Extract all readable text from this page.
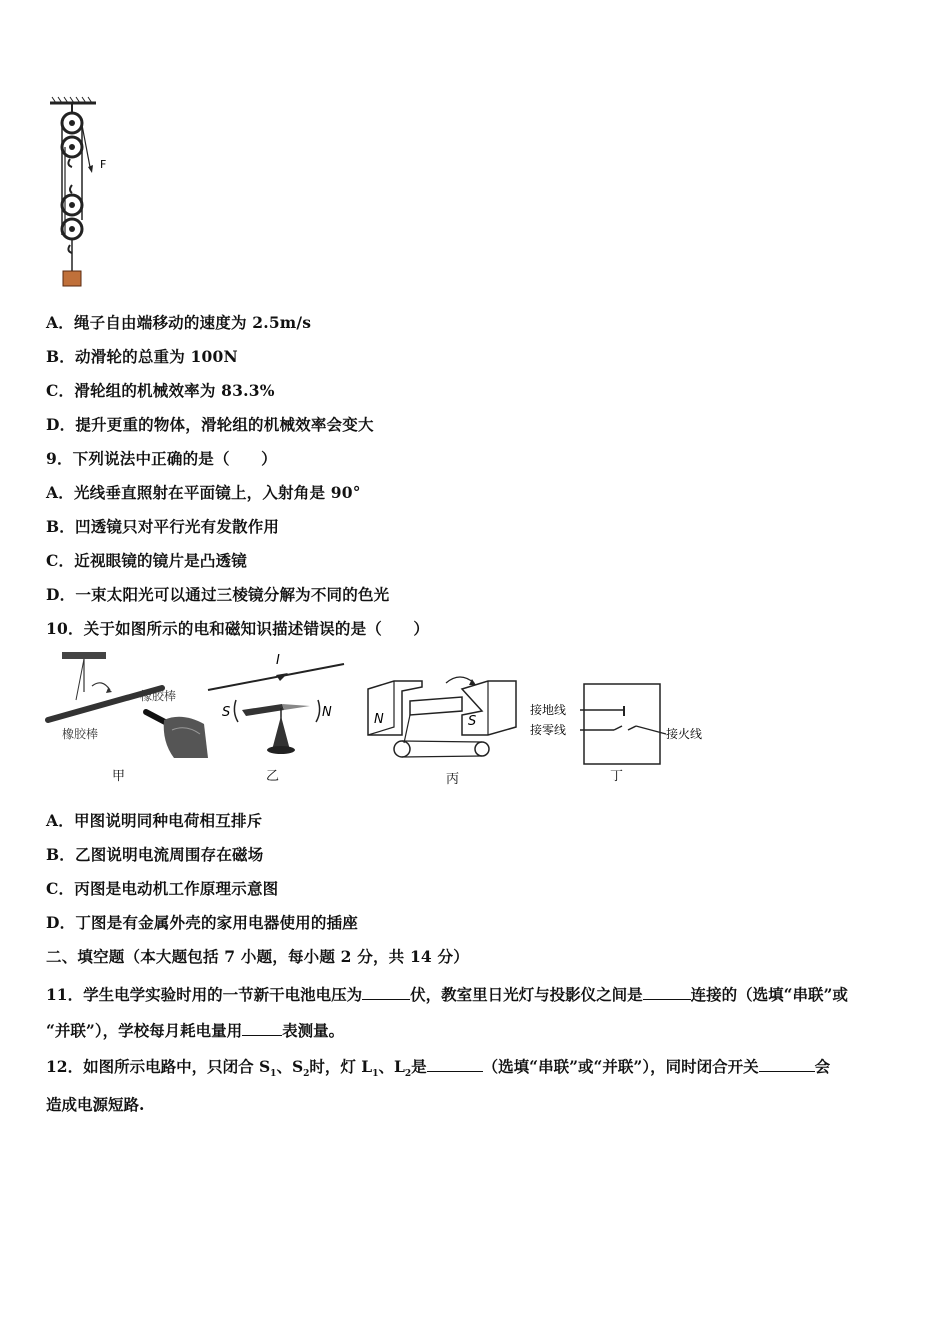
F
A．绳子自由端移动的速度为 2.5m/s
B．动滑轮的总重为 100N
C．滑轮组的机械效率为 83.3%
D．提升更重的物体，滑轮组的机械效率会变大
9．下列说法中正确的是（　　）
A．光线垂直照射在平面镜上，入射角是 90°
B．凹透镜只对平行光有发散作用
C．近视眼镜的镜片是凸透镜
D．一束太阳光可以通过三棱镜分解为不同的色光
10．关于如图所示的电和磁知识描述错误的是（　　）
橡胶棒
橡胶棒
甲
I
S	N
乙
N	S
丙
接地线
接零线	接火线
丁
A．甲图说明同种电荷相互排斥
B．乙图说明电流周围存在磁场
C．丙图是电动机工作原理示意图
D．丁图是有金属外壳的家用电器使用的插座
二、填空题（本大题包括 7 小题，每小题 2 分，共 14 分）
11．学生电学实验时用的一节新干电池电压为	伏，教室里日光灯与投影仪之间是	连接的（选填“串联”或
“并联”），学校每月耗电量用	表测量。
12．如图所示电路中，只闭合 $S_1$、$S_2$时，灯 $L_1$、$L_2$是	（选填“串联”或“并联”），同时闭合开关	会
造成电源短路.
